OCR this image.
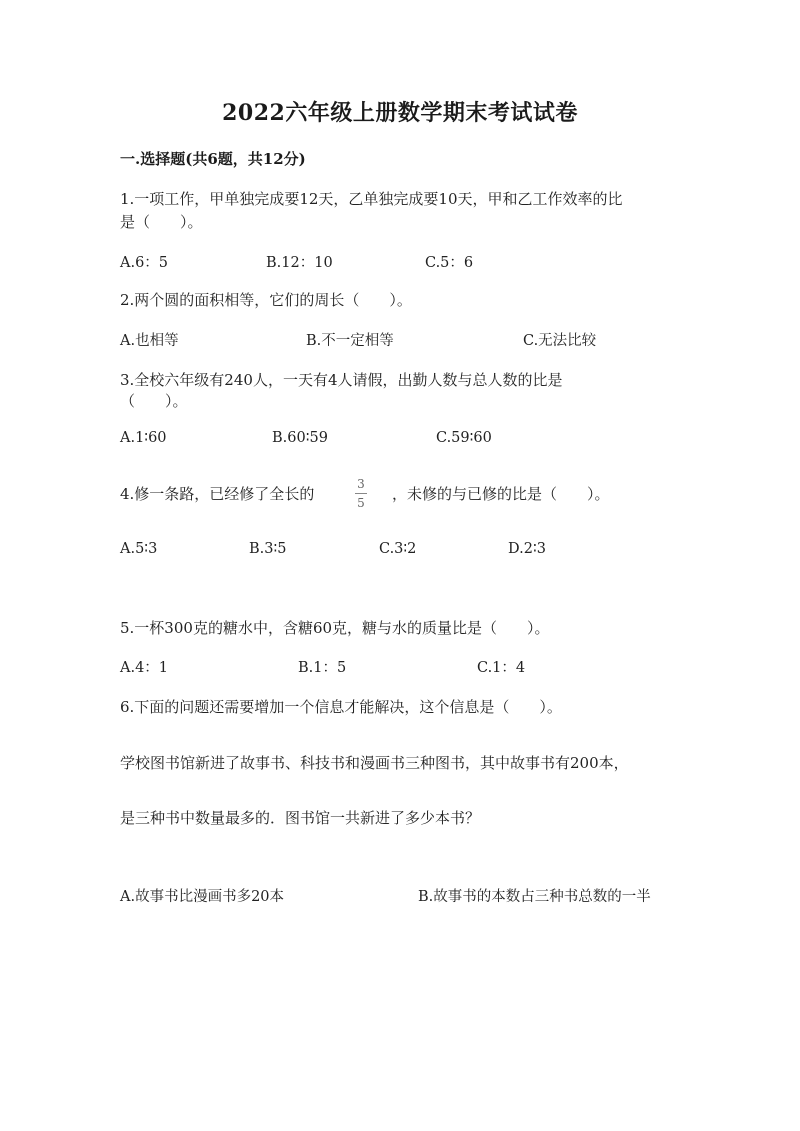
2022六年级上册数学期末考试试卷
一.选择题(共6题，共12分)
1.一项工作，甲单独完成要12天，乙单独完成要10天，甲和乙工作效率的比
是（　　）。
A.6：5	B.12：10	C.5：6
2.两个圆的面积相等，它们的周长（　　）。
A.也相等	B.不一定相等	C.无法比较
3.全校六年级有240人，一天有4人请假，出勤人数与总人数的比是
（　　）。
A.1∶60	B.60∶59	C.59∶60
4.修一条路，已经修了全长的
3
5 ，未修的与已修的比是（　　）。
A.5∶3	B.3∶5	C.3∶2	D.2∶3
5.一杯300克的糖水中，含糖60克，糖与水的质量比是（　　）。
A.4：1	B.1：5	C.1：4
6.下面的问题还需要增加一个信息才能解决，这个信息是（　　）。
学校图书馆新进了故事书、科技书和漫画书三种图书，其中故事书有200本，
是三种书中数量最多的．图书馆一共新进了多少本书？
A.故事书比漫画书多20本	B.故事书的本数占三种书总数的一半
